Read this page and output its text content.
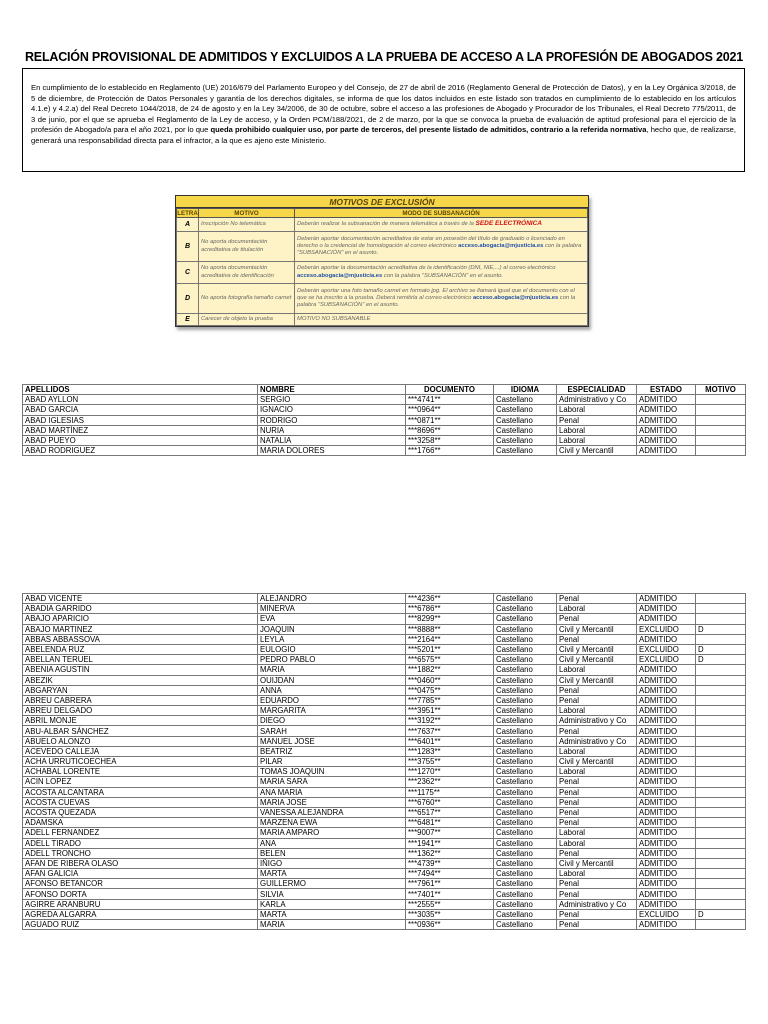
RELACIÓN PROVISIONAL DE ADMITIDOS Y EXCLUIDOS A LA PRUEBA DE ACCESO A LA PROFESIÓN DE ABOGADOS 2021
En cumplimiento de lo establecido en Reglamento (UE) 2016/679 del Parlamento Europeo y del Consejo, de 27 de abril de 2016 (Reglamento General de Protección de Datos), y en la Ley Orgánica 3/2018, de 5 de diciembre, de Protección de Datos Personales y garantía de los derechos digitales, se informa de que los datos incluidos en este listado son tratados en cumplimiento de lo establecido en los artículos 4.1.e) y 4.2.a) del Real Decreto 1044/2018, de 24 de agosto y en la Ley 34/2006, de 30 de octubre, sobre el acceso a las profesiones de Abogado y Procurador de los Tribunales, el Real Decreto 775/2011, de 3 de junio, por el que se aprueba el Reglamento de la Ley de acceso, y la Orden PCM/188/2021, de 2 de marzo, por la que se convoca la prueba de evaluación de aptitud profesional para el ejercicio de la profesión de Abogado/a para el año 2021, por lo que queda prohibido cualquier uso, por parte de terceros, del presente listado de admitidos, contrario a la referida normativa, hecho que, de realizarse, generará una responsabilidad directa para el infractor, a la que es ajeno este Ministerio.
MOTIVOS DE EXCLUSIÓN
LETRA	MOTIVO	MODO DE SUBSANACIÓN
A	Inscripción No telemática	Deberán realizar la subsanación de manera telemática a través de la SEDE ELECTRÓNICA
B	No aporta documentación acreditativa de titulación	Deberán aportar documentación acreditativa de estar en posesión del título de graduado o licenciado en derecho o la credencial de homologación al correo electrónico acceso.abogacia@mjusticia.es con la palabra "SUBSANACIÓN" en el asunto.
C	No aporta documentación acreditativa de identificación	Deberán aportar la documentación acreditativa de la identificación (DNI, NIE,...) al correo electrónico acceso.abogacia@mjusticia.es con la palabra "SUBSANACIÓN" en el asunto.
D	No aporta fotografía tamaño carnet	Deberán aportar una foto tamaño carnet en formato jpg. El archivo se llamará igual que el documento con el que se ha inscrito a la prueba. Deberá remitirla al correo electrónico acceso.abogacia@mjusticia.es con la palabra "SUBSANACIÓN" en el asunto.
E	Carecer de objeto la prueba	MOTIVO NO SUBSANABLE
APELLIDOS	NOMBRE	DOCUMENTO	IDIOMA	ESPECIALIDAD	ESTADO	MOTIVO
ABAD AYLLON	SERGIO	***4741**	Castellano	Administrativo y Co	ADMITIDO	
ABAD GARCIA	IGNACIO	***0964**	Castellano	Laboral	ADMITIDO	
ABAD IGLESIAS	RODRIGO	***0871**	Castellano	Penal	ADMITIDO	
ABAD MARTÍNEZ	NURIA	***8696**	Castellano	Laboral	ADMITIDO	
ABAD PUEYO	NATALIA	***3258**	Castellano	Laboral	ADMITIDO	
ABAD RODRIGUEZ	MARIA DOLORES	***1766**	Castellano	Civil y Mercantil	ADMITIDO	
ABAD VICENTE	ALEJANDRO	***4236**	Castellano	Penal	ADMITIDO	
ABADIA GARRIDO	MINERVA	***6786**	Castellano	Laboral	ADMITIDO	
ABAJO APARICIO	EVA	***8299**	Castellano	Penal	ADMITIDO	
ABAJO MARTINEZ	JOAQUIN	***8888**	Castellano	Civil y Mercantil	EXCLUIDO	D
ABBAS ABBASSOVA	LEYLA	***2164**	Castellano	Penal	ADMITIDO	
ABELENDA RUZ	EULOGIO	***5201**	Castellano	Civil y Mercantil	EXCLUIDO	D
ABELLAN TERUEL	PEDRO PABLO	***6575**	Castellano	Civil y Mercantil	EXCLUIDO	D
ABENIA AGUSTIN	MARIA	***1882**	Castellano	Laboral	ADMITIDO	
ABEZIK	OUIJDAN	***0460**	Castellano	Civil y Mercantil	ADMITIDO	
ABGARYAN	ANNA	***0475**	Castellano	Penal	ADMITIDO	
ABREU CABRERA	EDUARDO	***7785**	Castellano	Penal	ADMITIDO	
ABREU DELGADO	MARGARITA	***3951**	Castellano	Laboral	ADMITIDO	
ABRIL MONJE	DIEGO	***3192**	Castellano	Administrativo y Co	ADMITIDO	
ABU-ALBAR SÁNCHEZ	SARAH	***7637**	Castellano	Penal	ADMITIDO	
ABUELO ALONZO	MANUEL JOSE	***6401**	Castellano	Administrativo y Co	ADMITIDO	
ACEVEDO CALLEJA	BEATRIZ	***1283**	Castellano	Laboral	ADMITIDO	
ACHA URRUTICOECHEA	PILAR	***3755**	Castellano	Civil y Mercantil	ADMITIDO	
ACHABAL LORENTE	TOMAS JOAQUIN	***1270**	Castellano	Laboral	ADMITIDO	
ACIN LOPEZ	MARIA SARA	***2362**	Castellano	Penal	ADMITIDO	
ACOSTA ALCANTARA	ANA MARIA	***1175**	Castellano	Penal	ADMITIDO	
ACOSTA CUEVAS	MARIA JOSE	***6760**	Castellano	Penal	ADMITIDO	
ACOSTA QUEZADA	VANESSA ALEJANDRA	***6517**	Castellano	Penal	ADMITIDO	
ADAMSKA	MARZENA EWA	***6481**	Castellano	Penal	ADMITIDO	
ADELL FERNANDEZ	MARIA AMPARO	***9007**	Castellano	Laboral	ADMITIDO	
ADELL TIRADO	ANA	***1941**	Castellano	Laboral	ADMITIDO	
ADELL TRONCHO	BELEN	***1362**	Castellano	Penal	ADMITIDO	
AFAN DE RIBERA OLASO	IÑIGO	***4739**	Castellano	Civil y Mercantil	ADMITIDO	
AFAN GALICIA	MARTA	***7494**	Castellano	Laboral	ADMITIDO	
AFONSO BETANCOR	GUILLERMO	***7961**	Castellano	Penal	ADMITIDO	
AFONSO DORTA	SILVIA	***7401**	Castellano	Penal	ADMITIDO	
AGIRRE ARANBURU	KARLA	***2555**	Castellano	Administrativo y Co	ADMITIDO	
AGREDA ALGARRA	MARTA	***3035**	Castellano	Penal	EXCLUIDO	D
AGUADO RUIZ	MARIA	***0936**	Castellano	Penal	ADMITIDO	
